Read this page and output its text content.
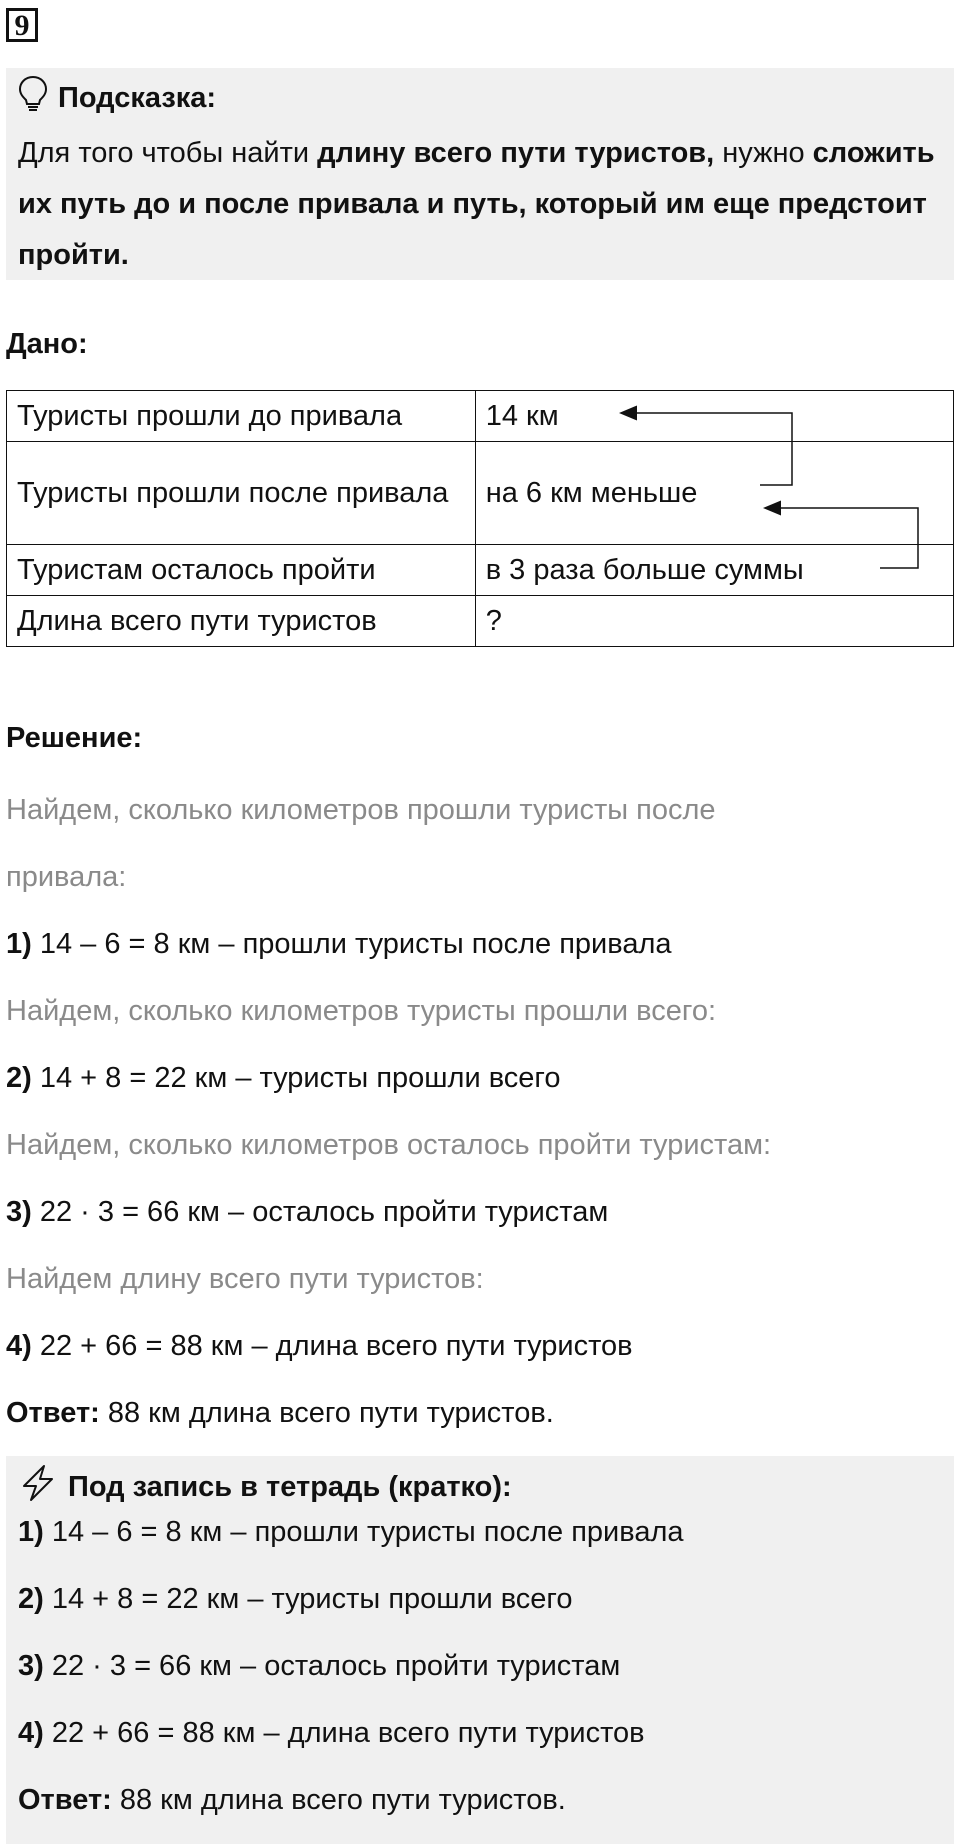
9
Подсказка:
Для того чтобы найти длину всего пути туристов, нужно сложить их путь до и после привала и путь, который им еще предстоит пройти.
Дано:
Туристы прошли до привала	14 км
Туристы прошли после привала	на 6 км меньше
Туристам осталось пройти	в 3 раза больше суммы
Длина всего пути туристов	?
Решение:
Найдем, сколько километров прошли туристы после
привала:
1) 14 – 6 = 8 км – прошли туристы после привала
Найдем, сколько километров туристы прошли всего:
2) 14 + 8 = 22 км – туристы прошли всего
Найдем, сколько километров осталось пройти туристам:
3) 22 · 3 = 66 км – осталось пройти туристам
Найдем длину всего пути туристов:
4) 22 + 66 = 88 км – длина всего пути туристов
Ответ: 88 км длина всего пути туристов.
Под запись в тетрадь (кратко):
1) 14 – 6 = 8 км – прошли туристы после привала
2) 14 + 8 = 22 км – туристы прошли всего
3) 22 · 3 = 66 км – осталось пройти туристам
4) 22 + 66 = 88 км – длина всего пути туристов
Ответ: 88 км длина всего пути туристов.
